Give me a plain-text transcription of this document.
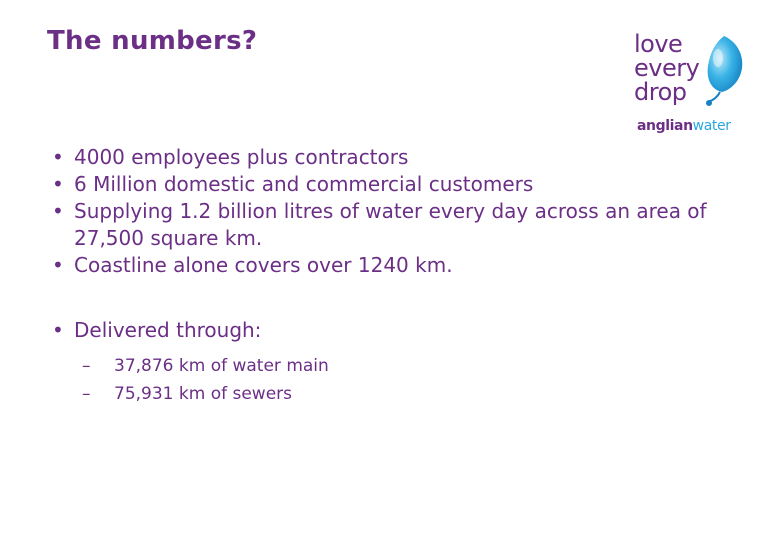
The numbers?	love
every
drop
anglianwater
• 4000 employees plus contractors
• 6 Million domestic and commercial customers
• Supplying 1.2 billion litres of water every day across an area of 27,500 square km.
• Coastline alone covers over 1240 km.
• Delivered through:
– 37,876 km of water main
– 75,931 km of sewers
